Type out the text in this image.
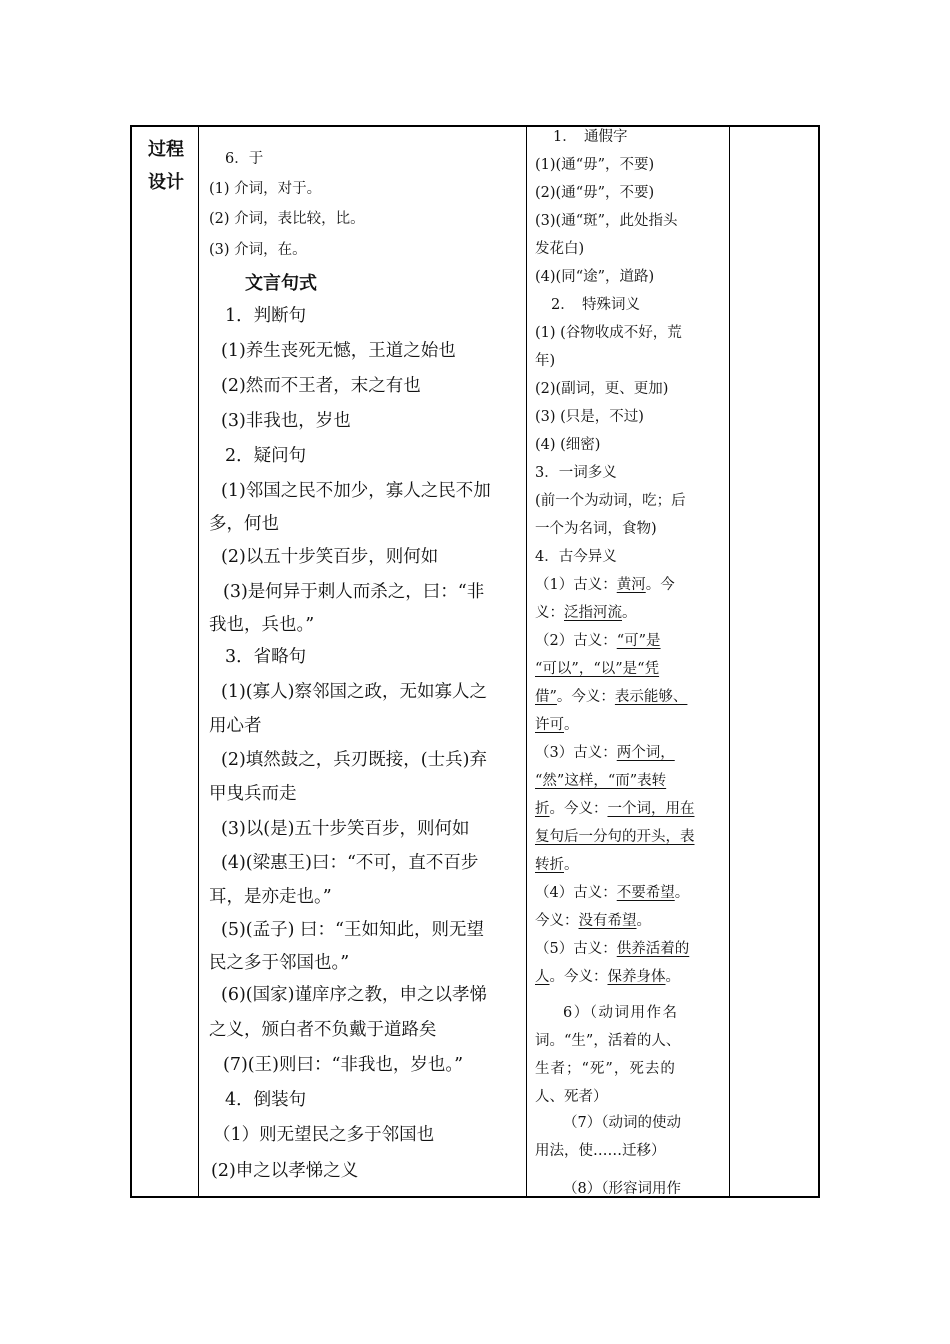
过程
设计
6．于
(1) 介词，对于。
(2) 介词，表比较，比。
(3) 介词，在。
文言句式
1．判断句
(1)养生丧死无憾，王道之始也
(2)然而不王者，末之有也
(3)非我也，岁也
2．疑问句
(1)邻国之民不加少，寡人之民不加
多，何也
(2)以五十步笑百步，则何如
(3)是何异于刺人而杀之，曰：“非
我也，兵也。”
3．省略句
(1)(寡人)察邻国之政，无如寡人之
用心者
(2)填然鼓之，兵刃既接，(士兵)弃
甲曳兵而走
(3)以(是)五十步笑百步，则何如
(4)(梁惠王)曰：“不可，直不百步
耳，是亦走也。”
(5)(孟子) 曰：“王如知此，则无望
民之多于邻国也。”
(6)(国家)谨庠序之教，申之以孝悌
之义，颁白者不负戴于道路矣
(7)(王)则曰：“非我也，岁也。”
4．倒装句
（1）则无望民之多于邻国也
(2)申之以孝悌之义
1．　通假字
(1)(通“毋”，不要)
(2)(通“毋”，不要)
(3)(通“斑”，此处指头
发花白)
(4)(同“途”，道路)
2．　特殊词义
(1) (谷物收成不好，荒
年)
(2)(副词，更、更加)
(3) (只是，不过)
(4) (细密)
3．一词多义
(前一个为动词，吃；后
一个为名词，食物)
4．古今异义
（1）古义：黄河。今
义：泛指河流。
（2）古义：“可”是
“可以”，“以”是“凭
借”。今义：表示能够、
许可。
（3）古义：两个词，
“然”这样，“而”表转
折。今义：一个词，用在
复句后一分句的开头，表
转折。
（4）古义：不要希望。
今义：没有希望。
（5）古义：供养活着的
人。今义：保养身体。
6）（动词用作名
词。“生”，活着的人、
生者；“死”，死去的
人、死者）
（7）（动词的使动
用法，使……迁移）
（8）（形容词用作
